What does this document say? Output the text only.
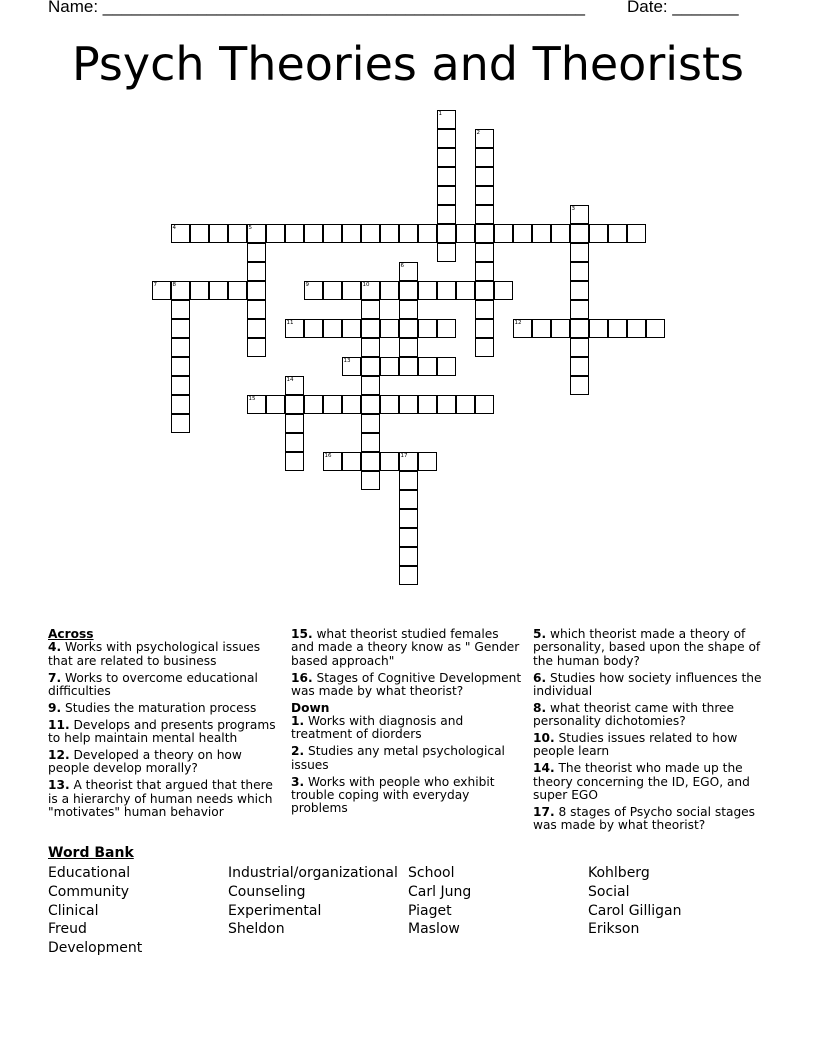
Name: ___________________________________________________ Date: _______
Psych Theories and Theorists
1
2
3
4	5
6
7	8	9	10
11	12
13
14
15
16	17
Across
4. Works with psychological issues that are related to business
7. Works to overcome educational difficulties
9. Studies the maturation process
11. Develops and presents programs to help maintain mental health
12. Developed a theory on how people develop morally?
13. A theorist that argued that there is a hierarchy of human needs which "motivates" human behavior
15. what theorist studied females and made a theory know as " Gender based approach"
16. Stages of Cognitive Development was made by what theorist?
Down
1. Works with diagnosis and treatment of diorders
2. Studies any metal psychological issues
3. Works with people who exhibit trouble coping with everyday problems
5. which theorist made a theory of personality, based upon the shape of the human body?
6. Studies how society influences the individual
8. what theorist came with three personality dichotomies?
10. Studies issues related to how people learn
14. The theorist who made up the theory concerning the ID, EGO, and super EGO
17. 8 stages of Psycho social stages was made by what theorist?
Word Bank
Educational
Community
Clinical
Freud
Development
Industrial/organizational
Counseling
Experimental
Sheldon
School
Carl Jung
Piaget
Maslow
Kohlberg
Social
Carol Gilligan
Erikson
